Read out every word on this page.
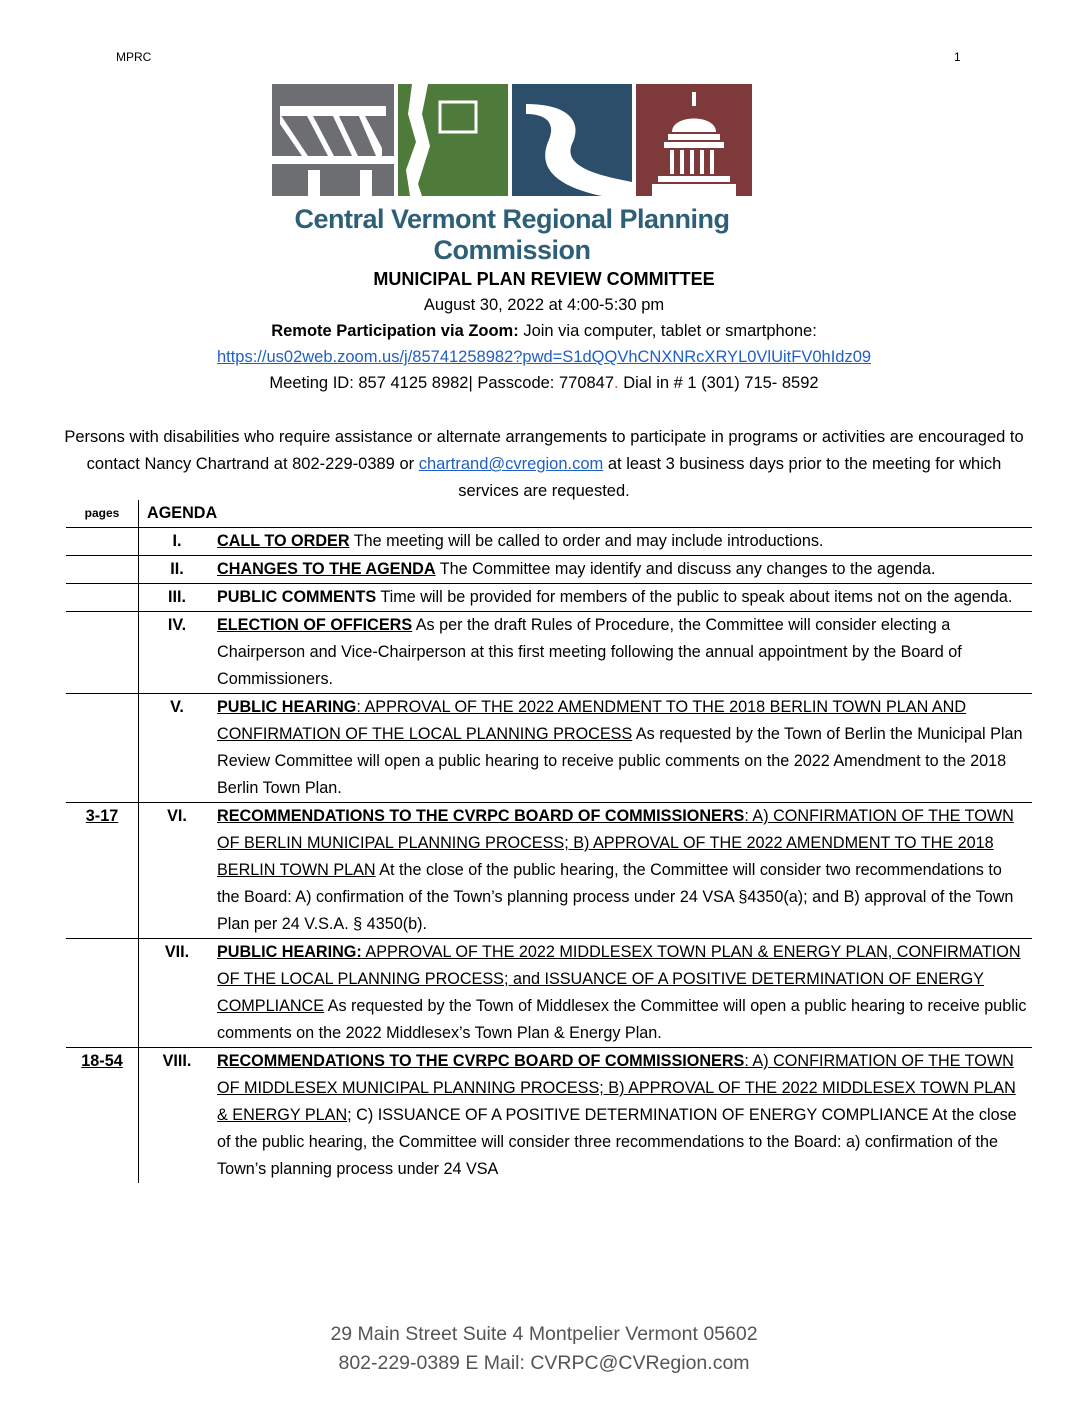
MPRC	1
Central Vermont Regional Planning Commission
MUNICIPAL PLAN REVIEW COMMITTEE
August 30, 2022 at 4:00-5:30 pm
Remote Participation via Zoom: Join via computer, tablet or smartphone:
https://us02web.zoom.us/j/85741258982?pwd=S1dQQVhCNXNRcXRYL0VlUitFV0hIdz09
Meeting ID: 857 4125 8982| Passcode: 770847. Dial in # 1 (301) 715- 8592
Persons with disabilities who require assistance or alternate arrangements to participate in programs or activities are encouraged to contact Nancy Chartrand at 802-229-0389 or chartrand@cvregion.com at least 3 business days prior to the meeting for which services are requested.
pages	AGENDA	
	I.	CALL TO ORDER The meeting will be called to order and may include introductions.
	II.	CHANGES TO THE AGENDA The Committee may identify and discuss any changes to the agenda.
	III.	PUBLIC COMMENTS Time will be provided for members of the public to speak about items not on the agenda.
	IV.	ELECTION OF OFFICERS As per the draft Rules of Procedure, the Committee will consider electing a Chairperson and Vice-Chairperson at this first meeting following the annual appointment by the Board of Commissioners.
	V.	PUBLIC HEARING: APPROVAL OF THE 2022 AMENDMENT TO THE 2018 BERLIN TOWN PLAN AND CONFIRMATION OF THE LOCAL PLANNING PROCESS As requested by the Town of Berlin the Municipal Plan Review Committee will open a public hearing to receive public comments on the 2022 Amendment to the 2018 Berlin Town Plan.
3-17	VI.	RECOMMENDATIONS TO THE CVRPC BOARD OF COMMISSIONERS: A) CONFIRMATION OF THE TOWN OF BERLIN MUNICIPAL PLANNING PROCESS; B) APPROVAL OF THE 2022 AMENDMENT TO THE 2018 BERLIN TOWN PLAN At the close of the public hearing, the Committee will consider two recommendations to the Board: A) confirmation of the Town’s planning process under 24 VSA §4350(a); and B) approval of the Town Plan per 24 V.S.A. § 4350(b).
	VII.	PUBLIC HEARING: APPROVAL OF THE 2022 MIDDLESEX TOWN PLAN & ENERGY PLAN, CONFIRMATION OF THE LOCAL PLANNING PROCESS; and ISSUANCE OF A POSITIVE DETERMINATION OF ENERGY COMPLIANCE As requested by the Town of Middlesex the Committee will open a public hearing to receive public comments on the 2022 Middlesex’s Town Plan & Energy Plan.
18-54	VIII.	RECOMMENDATIONS TO THE CVRPC BOARD OF COMMISSIONERS: A) CONFIRMATION OF THE TOWN OF MIDDLESEX MUNICIPAL PLANNING PROCESS; B) APPROVAL OF THE 2022 MIDDLESEX TOWN PLAN & ENERGY PLAN; C) ISSUANCE OF A POSITIVE DETERMINATION OF ENERGY COMPLIANCE At the close of the public hearing, the Committee will consider three recommendations to the Board: a) confirmation of the Town’s planning process under 24 VSA
29 Main Street Suite 4 Montpelier Vermont 05602
802-229-0389 E Mail: CVRPC@CVRegion.com
